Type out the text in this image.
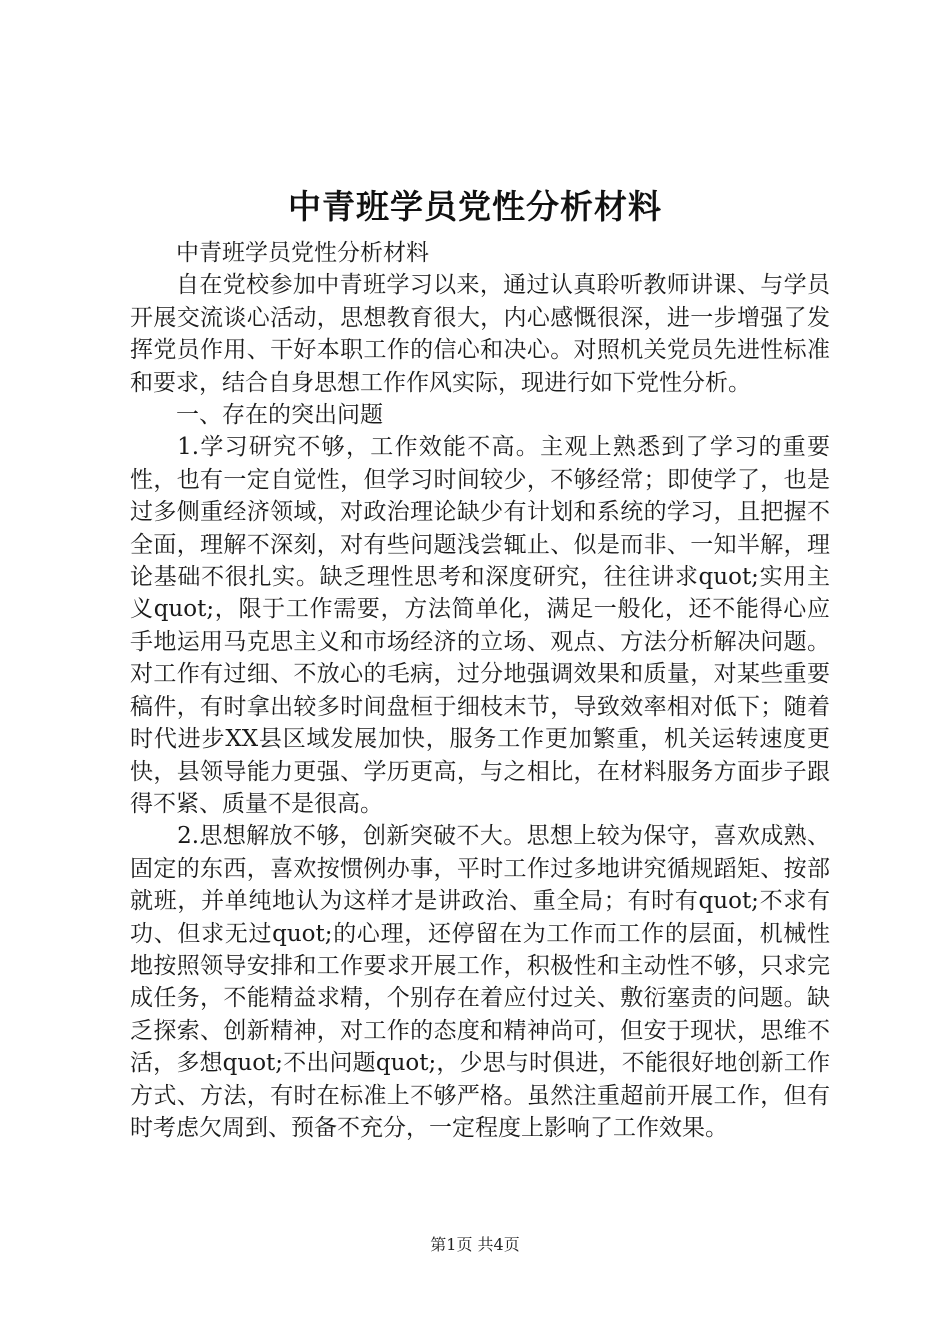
中青班学员党性分析材料

中青班学员党性分析材料

自在党校参加中青班学习以来，通过认真聆听教师讲课、与学员开展交流谈心活动，思想教育很大，内心感慨很深，进一步增强了发挥党员作用、干好本职工作的信心和决心。对照机关党员先进性标准和要求，结合自身思想工作作风实际，现进行如下党性分析。

一、存在的突出问题

1.学习研究不够，工作效能不高。主观上熟悉到了学习的重要性，也有一定自觉性，但学习时间较少，不够经常；即使学了，也是过多侧重经济领域，对政治理论缺少有计划和系统的学习，且把握不全面，理解不深刻，对有些问题浅尝辄止、似是而非、一知半解，理论基础不很扎实。缺乏理性思考和深度研究，往往讲求quot;实用主义quot;，限于工作需要，方法简单化，满足一般化，还不能得心应手地运用马克思主义和市场经济的立场、观点、方法分析解决问题。对工作有过细、不放心的毛病，过分地强调效果和质量，对某些重要稿件，有时拿出较多时间盘桓于细枝末节，导致效率相对低下；随着时代进步XX县区域发展加快，服务工作更加繁重，机关运转速度更快，县领导能力更强、学历更高，与之相比，在材料服务方面步子跟得不紧、质量不是很高。

2.思想解放不够，创新突破不大。思想上较为保守，喜欢成熟、固定的东西，喜欢按惯例办事，平时工作过多地讲究循规蹈矩、按部就班，并单纯地认为这样才是讲政治、重全局；有时有quot;不求有功、但求无过quot;的心理，还停留在为工作而工作的层面，机械性地按照领导安排和工作要求开展工作，积极性和主动性不够，只求完成任务，不能精益求精，个别存在着应付过关、敷衍塞责的问题。缺乏探索、创新精神，对工作的态度和精神尚可，但安于现状，思维不活，多想quot;不出问题quot;，少思与时俱进，不能很好地创新工作方式、方法，有时在标准上不够严格。虽然注重超前开展工作，但有时考虑欠周到、预备不充分，一定程度上影响了工作效果。

第1页 共4页
